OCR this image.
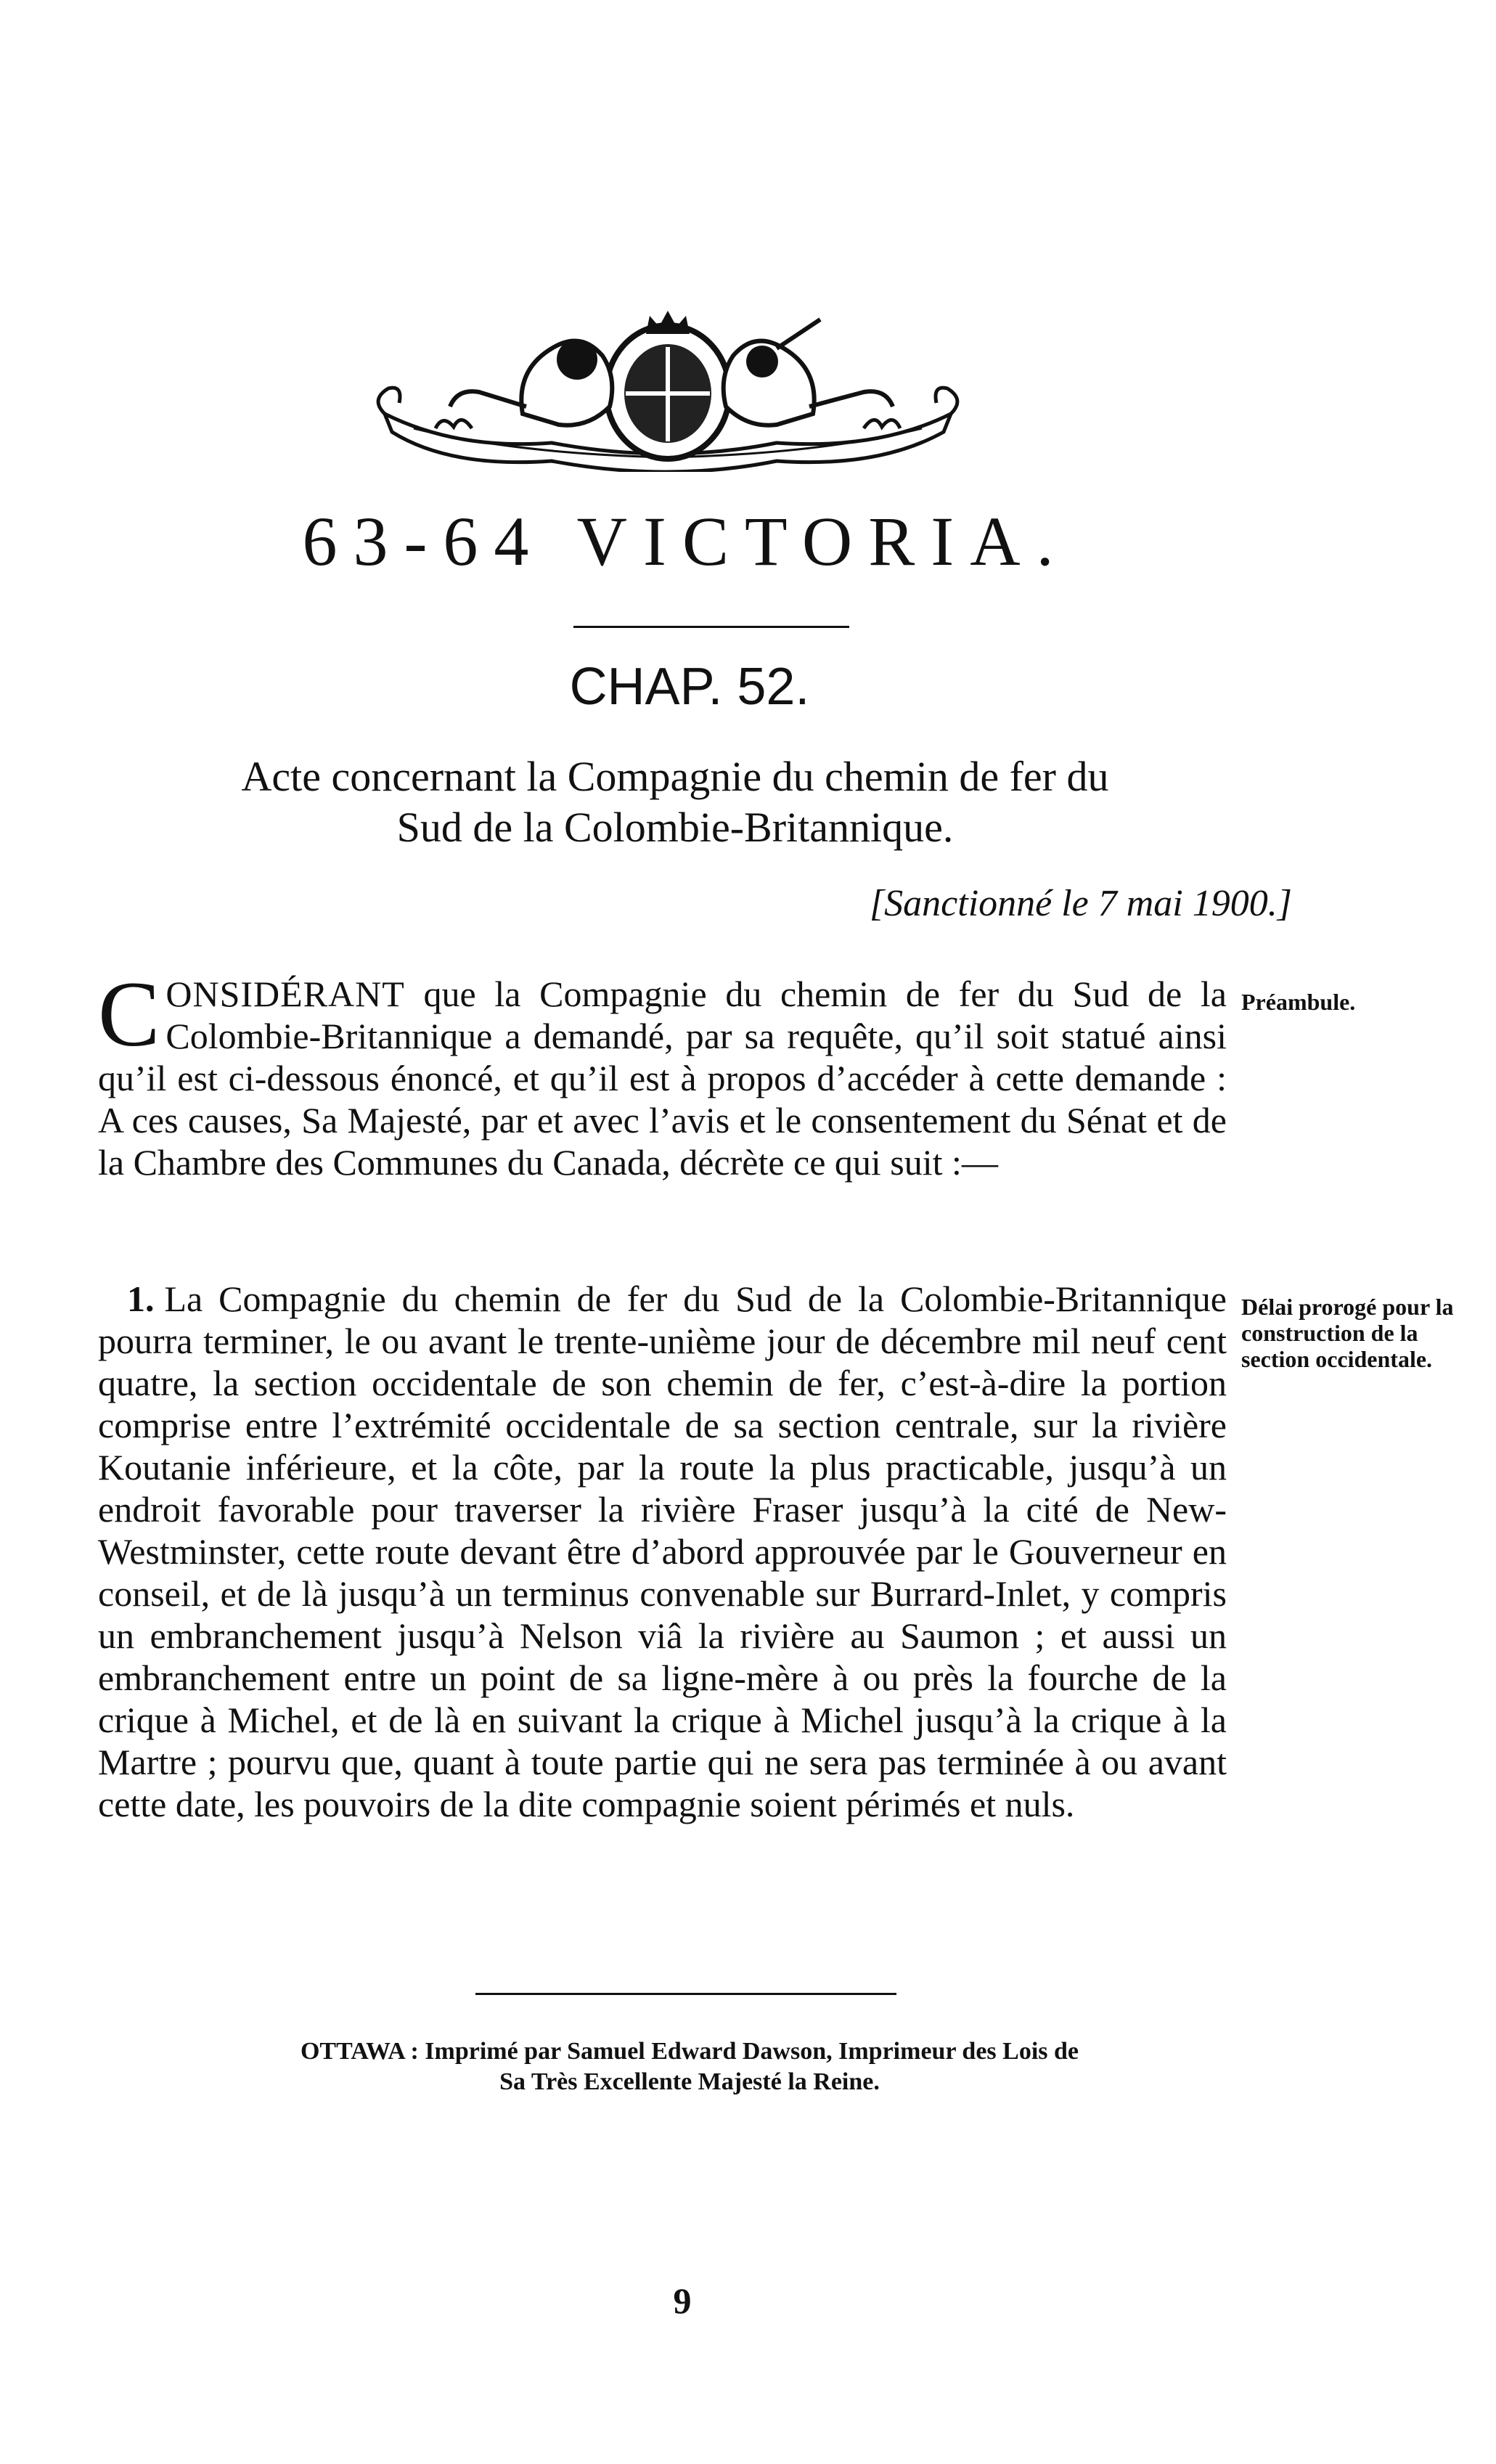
63-64 VICTORIA.
CHAP. 52.
Acte concernant la Compagnie du chemin de fer du
Sud de la Colombie-Britannique.
[Sanctionné le 7 mai 1900.]
CONSIDÉRANT que la Compagnie du chemin de fer du Sud de la Colombie-Britannique a demandé, par sa requête, qu’il soit statué ainsi qu’il est ci-dessous énoncé, et qu’il est à propos d’accéder à cette demande : A ces causes, Sa Majesté, par et avec l’avis et le consentement du Sénat et de la Chambre des Communes du Canada, décrète ce qui suit :—
Préambule.
1. La Compagnie du chemin de fer du Sud de la Colombie-Britannique pourra terminer, le ou avant le trente-unième jour de décembre mil neuf cent quatre, la section occidentale de son chemin de fer, c’est-à-dire la portion comprise entre l’extrémité occidentale de sa section centrale, sur la rivière Koutanie inférieure, et la côte, par la route la plus practicable, jusqu’à un endroit favorable pour traverser la rivière Fraser jusqu’à la cité de New-Westminster, cette route devant être d’abord approuvée par le Gouverneur en conseil, et de là jusqu’à un terminus convenable sur Burrard-Inlet, y compris un embranchement jusqu’à Nelson viâ la rivière au Saumon ; et aussi un embranchement entre un point de sa ligne-mère à ou près la fourche de la crique à Michel, et de là en suivant la crique à Michel jusqu’à la crique à la Martre ; pourvu que, quant à toute partie qui ne sera pas terminée à ou avant cette date, les pouvoirs de la dite compagnie soient périmés et nuls.
Délai prorogé pour la construction de la section occidentale.
OTTAWA : Imprimé par Samuel Edward Dawson, Imprimeur des Lois de
Sa Très Excellente Majesté la Reine.
9
